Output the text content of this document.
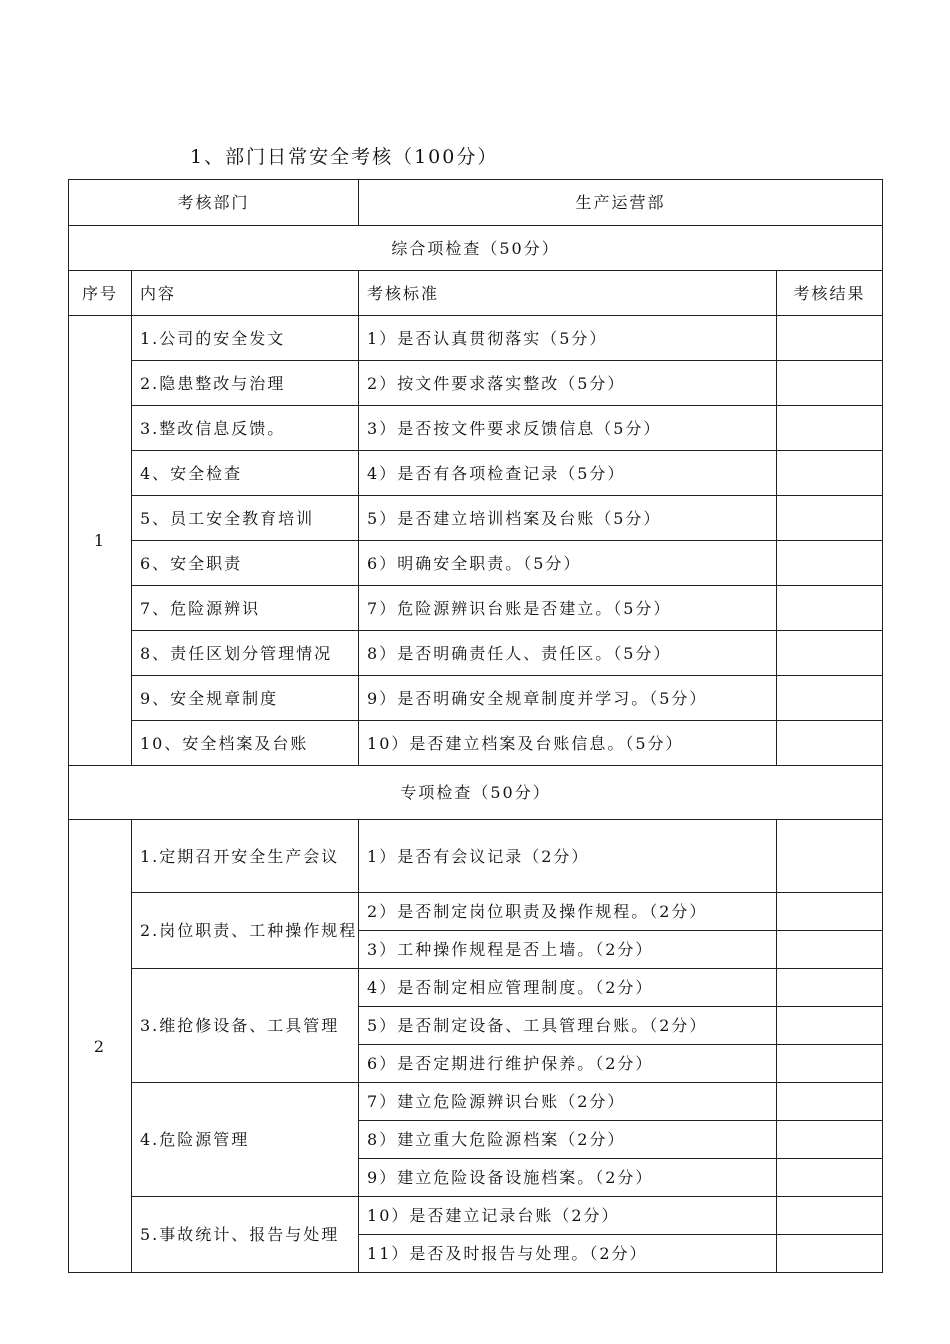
1、部门日常安全考核（100分）
考核部门		生产运营部	
综合项检查（50分）			
序号	内容	考核标准	考核结果
1	1.公司的安全发文	1）是否认真贯彻落实（5分）	
	2.隐患整改与治理	2）按文件要求落实整改（5分）	
	3.整改信息反馈。	3）是否按文件要求反馈信息（5分）	
	4、安全检查	4）是否有各项检查记录（5分）	
	5、员工安全教育培训	5）是否建立培训档案及台账（5分）	
	6、安全职责	6）明确安全职责。（5分）	
	7、危险源辨识	7）危险源辨识台账是否建立。（5分）	
	8、责任区划分管理情况	8）是否明确责任人、责任区。（5分）	
	9、安全规章制度	9）是否明确安全规章制度并学习。（5分）	
	10、安全档案及台账	10）是否建立档案及台账信息。（5分）	
专项检查（50分）			
2	1.定期召开安全生产会议	1）是否有会议记录（2分）	
	2.岗位职责、工种操作规程	2）是否制定岗位职责及操作规程。（2分）	
		3）工种操作规程是否上墙。（2分）	
	3.维抢修设备、工具管理	4）是否制定相应管理制度。（2分）	
		5）是否制定设备、工具管理台账。（2分）	
		6）是否定期进行维护保养。（2分）	
	4.危险源管理	7）建立危险源辨识台账（2分）	
		8）建立重大危险源档案（2分）	
		9）建立危险设备设施档案。（2分）	
	5.事故统计、报告与处理	10）是否建立记录台账（2分）	
		11）是否及时报告与处理。（2分）	
